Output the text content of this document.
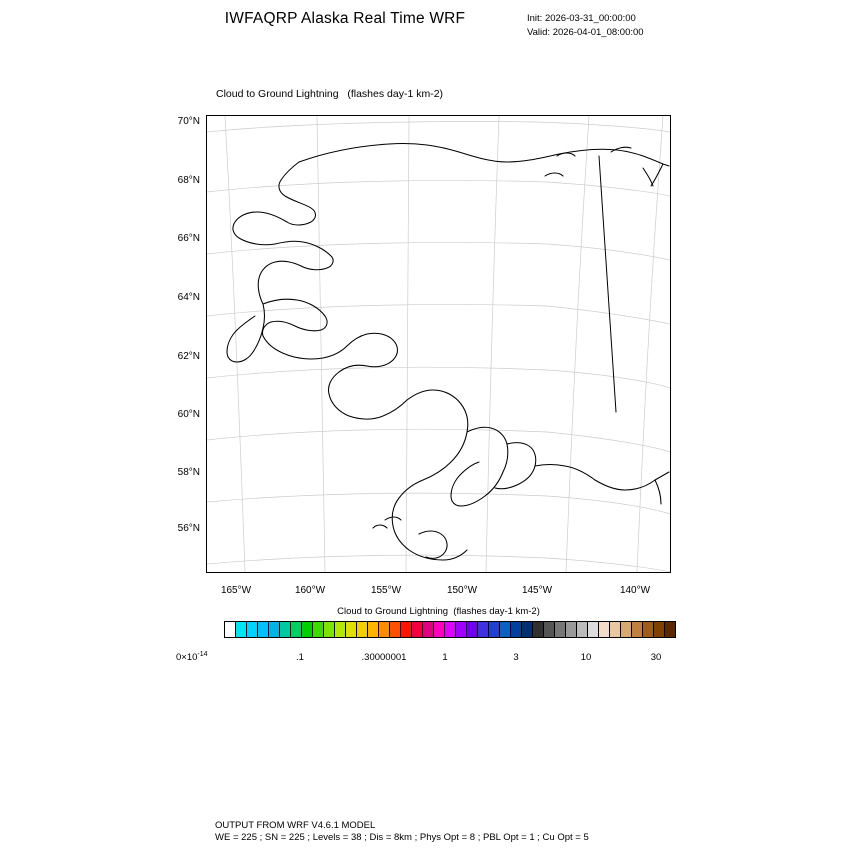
IWFAQRP Alaska Real Time WRF	Init: 2026-03-31_00:00:00
Valid: 2026-04-01_08:00:00
Cloud to Ground Lightning   (flashes day-1 km-2)
70°N
68°N
66°N
64°N
62°N
60°N
58°N
56°N
165°W	160°W	155°W	150°W	145°W	140°W
Cloud to Ground Lightning  (flashes day-1 km-2)
$0\times 10^{-14}$	.1	.30000001	1	3	10	30
OUTPUT FROM WRF V4.6.1 MODEL
WE = 225 ; SN = 225 ; Levels = 38 ; Dis = 8km ; Phys Opt = 8 ; PBL Opt = 1 ; Cu Opt = 5
